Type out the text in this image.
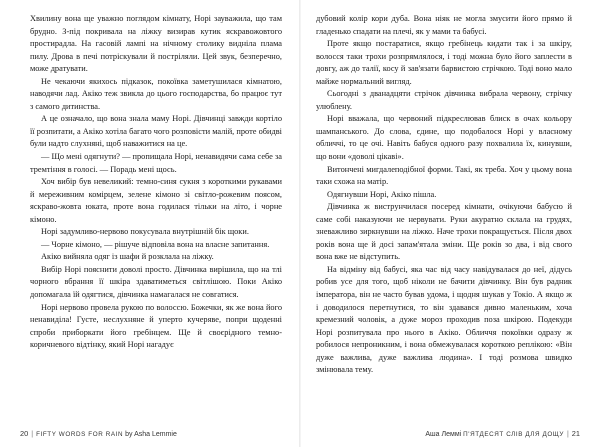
Хвилину вона ще уважно поглядом кімнату, Норі зауважила, що там брудно. З-під покривала на ліжку визирав кутик яскравожовтого простирадла. На гасовій лампі на нічному столику видніла плама пилу. Дрова в печі потріскували й постріляли. Цей звук, безперечно, може дратувати.

Не чекаючи якихось підказок, покоївка заметушилася кімнатою, наводячи лад. Акіко теж звикла до цього господарства, бо працює тут з самого дитинства.

А це означало, що вона знала маму Норі. Дівчинці завжди кортіло її розпитати, а Акіко хотіла багато чого розповісти малій, проте обидві були надто слухняні, щоб наважитися на це.

— Що мені одягнути? — пропищала Норі, ненавидячи сама себе за тремтіння в голосі. — Порадь мені щось.

Хоч вибір був невеликий: темно-синя сукня з короткими рукавами й мереживним комірцем, зелене кімоно зі світло-рожевим поясом, яскраво-жовта юката, проте вона годилася тільки на літо, і чорне кімоно.

Норі задумливо-нервово покусувала внутрішній бік щоки.

— Чорне кімоно, — рішуче відповіла вона на власне запитання.

Акіко вийняла одяг із шафи й розклала на ліжку.

Вибір Норі пояснити доволі просто. Дівчинка вирішила, що на тлі чорного вбрання її шкіра здаватиметься світлішою. Поки Акіко допомагала їй одягтися, дівчинка намагалася не совгатися.

Норі нервово провела рукою по волоссю. Божечки, як же вона його ненавиділа! Густе, неслухняне й уперто кучеряве, попри щоденні спроби приборкати його гребінцем. Ще й своєрідного темно-коричневого відтінку, який Норі нагадує

20 | FIFTY WORDS FOR RAIN by Asha Lemmie

дубовий колір кори дуба. Вона ніяк не могла змусити його прямо й гладенько спадати на плечі, як у мами та бабусі.

Проте якщо постаратися, якщо гребінець кидати так і за шкіру, волосся таки трохи розпрямлялося, і тоді можна було його заплести в довгу, аж до талії, косу й зав'язати барвистою стрічкою. Тоді воно мало майже нормальний вигляд.

Сьогодні з дванадцяти стрічок дівчинка вибрала червону, стрічку улюблену.

Норі вважала, що червоний підкреслював блиск в очах кольору шампанського. До слова, єдине, що подобалося Норі у власному обличчі, то це очі. Навіть бабуся одного разу похвалила їх, кинувши, що вони «доволі цікаві».

Витончені мигдалеподібної форми. Такі, як треба. Хоч у цьому вона таки схожа на матір.

Одягнувши Норі, Акіко пішла.

Дівчинка ж виструнчилася посеред кімнати, очікуючи бабусю й саме собі наказуючи не нервувати. Руки акуратно склала на грудях, зневажливо зиркнувши на ліжко. Наче трохи покращується. Після двох років вона ще й досі запам'ятала зміни. Ще років зо два, і від свого вона вже не відступить.

На відміну від бабусі, яка час від часу навідувалася до неї, дідусь робив усе для того, щоб ніколи не бачити дівчинку. Він був радник імператора, він не часто бував удома, і щодня шукав у Токіо. А якщо ж і доводилося перетнутися, то він здавався дивно маленьким, хоча кремезний чоловік, а дуже мороз проходив поза шкірою. Подекуди Норі розпитувала про нього в Акіко. Обличчя покоївки одразу ж робилося непроникним, і вона обмежувалася короткою реплікою: «Він дуже важлива, дуже важлива людина». І тоді розмова швидко змінювала тему.

Аша Леммі П'ЯТДЕСЯТ СЛІВ ДЛЯ ДОЩУ | 21
